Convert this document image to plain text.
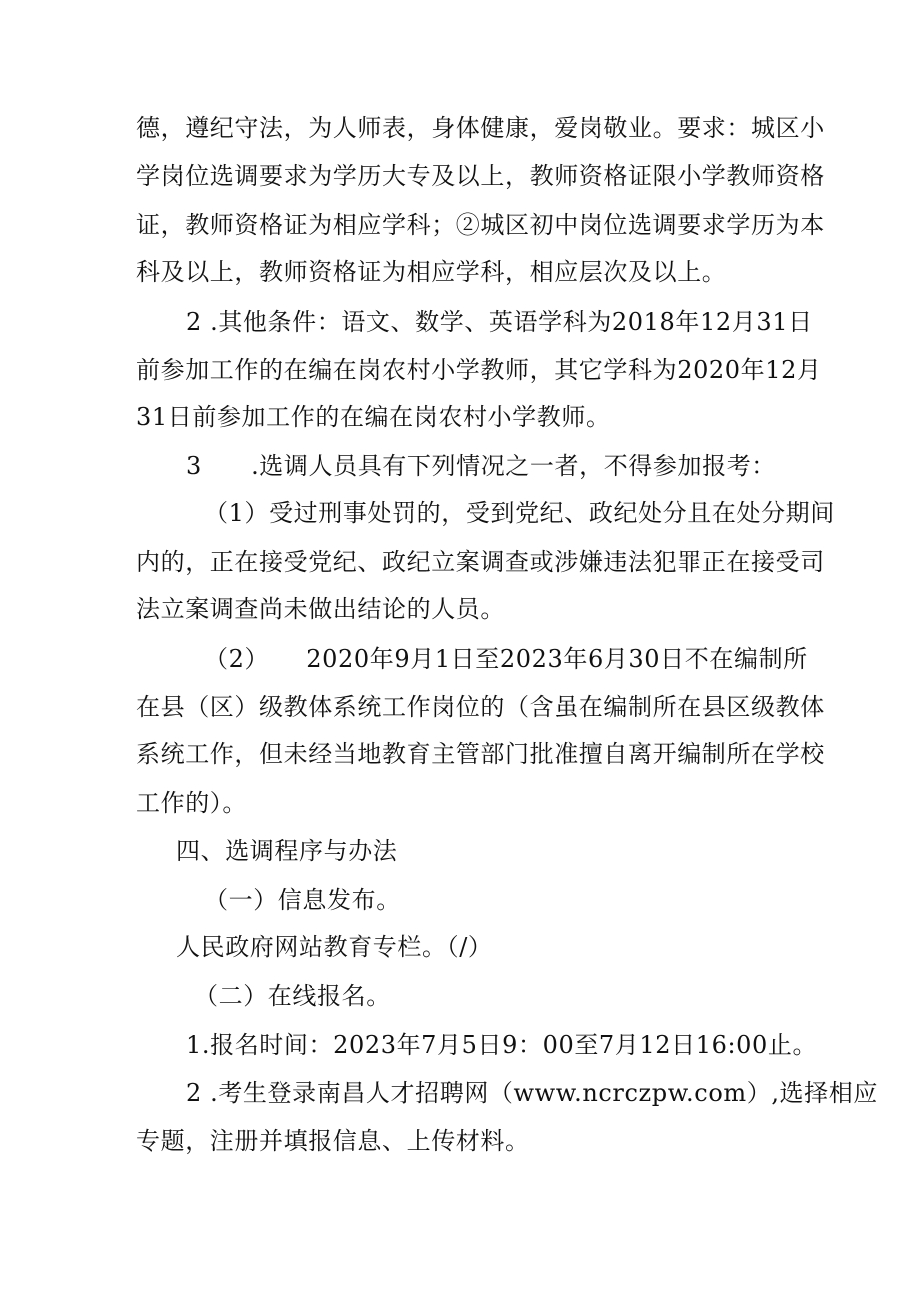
德，遵纪守法，为人师表，身体健康，爱岗敬业。要求：城区小
学岗位选调要求为学历大专及以上，教师资格证限小学教师资格
证，教师资格证为相应学科；②城区初中岗位选调要求学历为本
科及以上，教师资格证为相应学科，相应层次及以上。
2 .其他条件：语文、数学、英语学科为2018年12月31日
前参加工作的在编在岗农村小学教师，其它学科为2020年12月
31日前参加工作的在编在岗农村小学教师。
3　　.选调人员具有下列情况之一者，不得参加报考：
（1）受过刑事处罚的，受到党纪、政纪处分且在处分期间
内的，正在接受党纪、政纪立案调查或涉嫌违法犯罪正在接受司
法立案调查尚未做出结论的人员。
（2）　　2020年9月1日至2023年6月30日不在编制所
在县（区）级教体系统工作岗位的（含虽在编制所在县区级教体
系统工作，但未经当地教育主管部门批准擅自离开编制所在学校
工作的）。
四、选调程序与办法
（一）信息发布。
人民政府网站教育专栏。（/）
（二）在线报名。
1.报名时间：2023年7月5日9：00至7月12日16:00止。
2 .考生登录南昌人才招聘网（www.ncrczpw.com）,选择相应
专题，注册并填报信息、上传材料。
